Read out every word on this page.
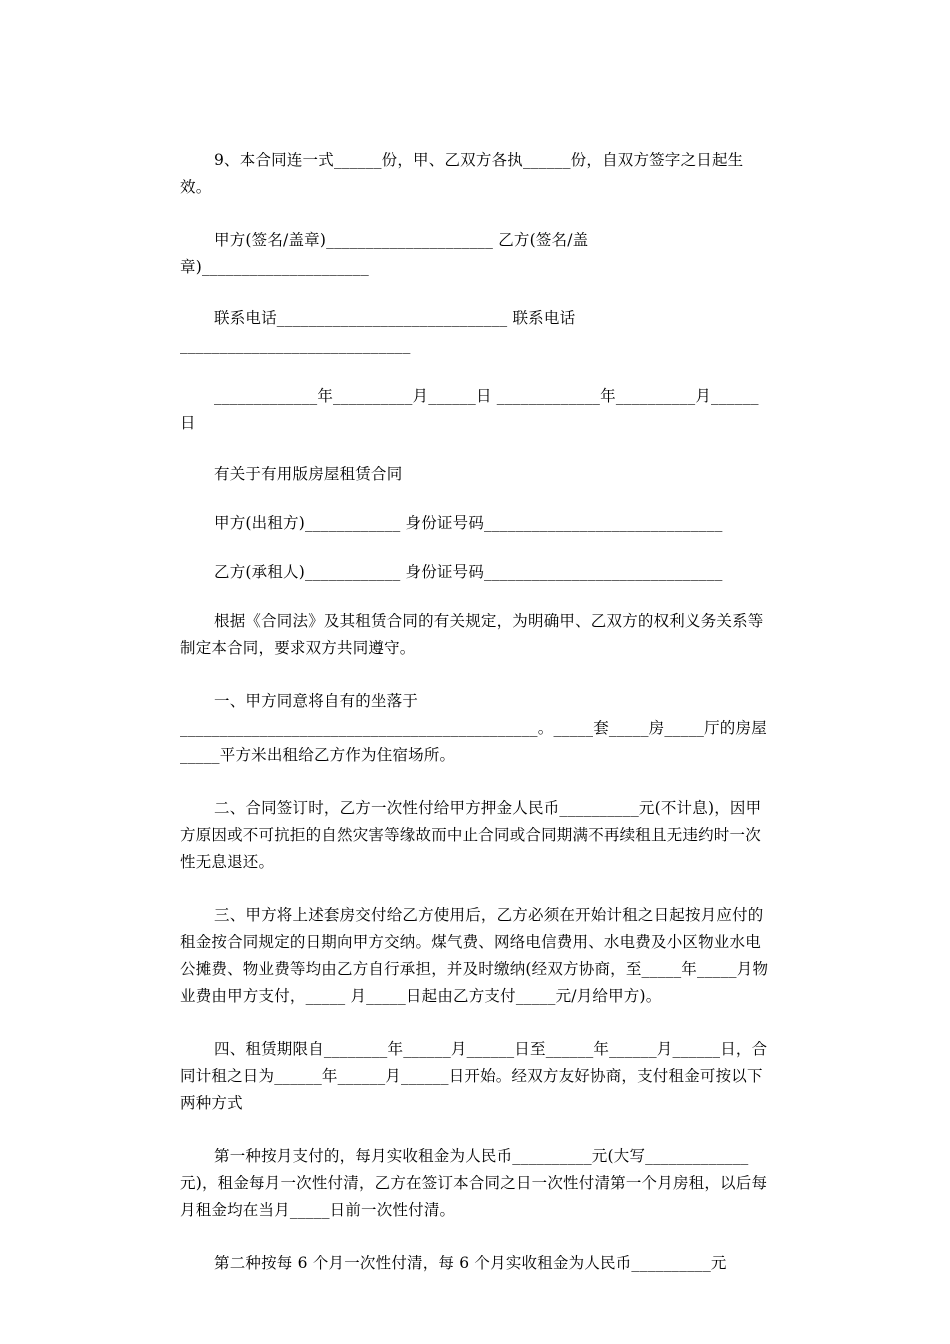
9、本合同连一式______份，甲、乙双方各执______份，自双方签字之日起生效。

甲方(签名/盖章)_____________________ 乙方(签名/盖章)_____________________

联系电话_____________________________ 联系电话_____________________________

_____________年__________月______日 _____________年__________月______日

有关于有用版房屋租赁合同

甲方(出租方)____________ 身份证号码______________________________

乙方(承租人)____________ 身份证号码______________________________

根据《合同法》及其租赁合同的有关规定，为明确甲、乙双方的权利义务关系等制定本合同，要求双方共同遵守。

一、甲方同意将自有的坐落于_____________________________________________。_____套_____房_____厅的房屋_____平方米出租给乙方作为住宿场所。

二、合同签订时，乙方一次性付给甲方押金人民币__________元(不计息)，因甲方原因或不可抗拒的自然灾害等缘故而中止合同或合同期满不再续租且无违约时一次性无息退还。

三、甲方将上述套房交付给乙方使用后，乙方必须在开始计租之日起按月应付的租金按合同规定的日期向甲方交纳。煤气费、网络电信费用、水电费及小区物业水电公摊费、物业费等均由乙方自行承担，并及时缴纳(经双方协商，至_____年_____月物业费由甲方支付，_____ 月_____日起由乙方支付_____元/月给甲方)。

四、租赁期限自________年______月______日至______年______月______日，合同计租之日为______年______月______日开始。经双方友好协商，支付租金可按以下两种方式

第一种按月支付的，每月实收租金为人民币__________元(大写_____________元)，租金每月一次性付清，乙方在签订本合同之日一次性付清第一个月房租，以后每月租金均在当月_____日前一次性付清。

第二种按每 6 个月一次性付清，每 6 个月实收租金为人民币__________元
